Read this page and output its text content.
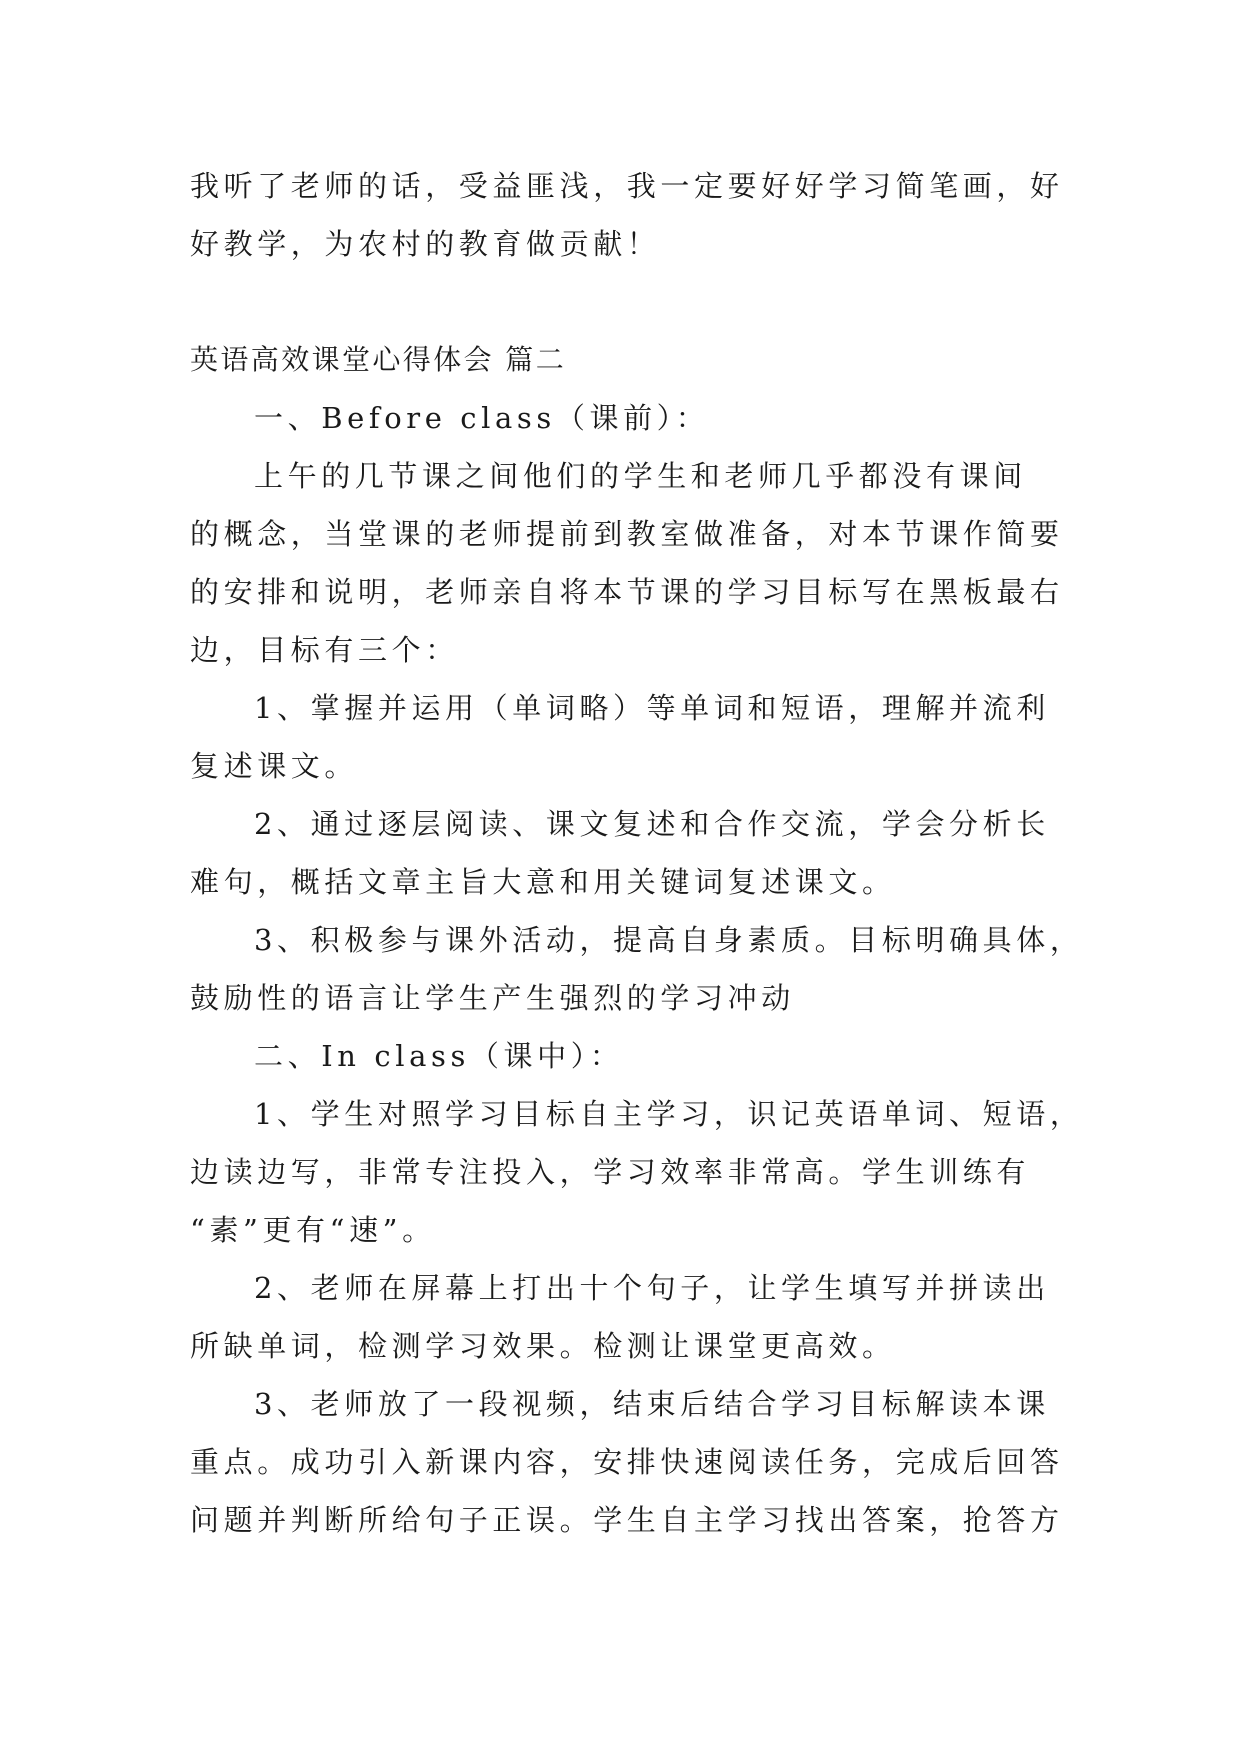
我听了老师的话，受益匪浅，我一定要好好学习简笔画，好
好教学，为农村的教育做贡献！
英语高效课堂心得体会 篇二
一、Before class（课前）：
上午的几节课之间他们的学生和老师几乎都没有课间
的概念，当堂课的老师提前到教室做准备，对本节课作简要
的安排和说明，老师亲自将本节课的学习目标写在黑板最右
边，目标有三个：
1、掌握并运用（单词略）等单词和短语，理解并流利
复述课文。
2、通过逐层阅读、课文复述和合作交流，学会分析长
难句，概括文章主旨大意和用关键词复述课文。
3、积极参与课外活动，提高自身素质。目标明确具体，
鼓励性的语言让学生产生强烈的学习冲动
二、In class（课中）：
1、学生对照学习目标自主学习，识记英语单词、短语，
边读边写，非常专注投入，学习效率非常高。学生训练有
“素”更有“速”。
2、老师在屏幕上打出十个句子，让学生填写并拼读出
所缺单词，检测学习效果。检测让课堂更高效。
3、老师放了一段视频，结束后结合学习目标解读本课
重点。成功引入新课内容，安排快速阅读任务，完成后回答
问题并判断所给句子正误。学生自主学习找出答案，抢答方
